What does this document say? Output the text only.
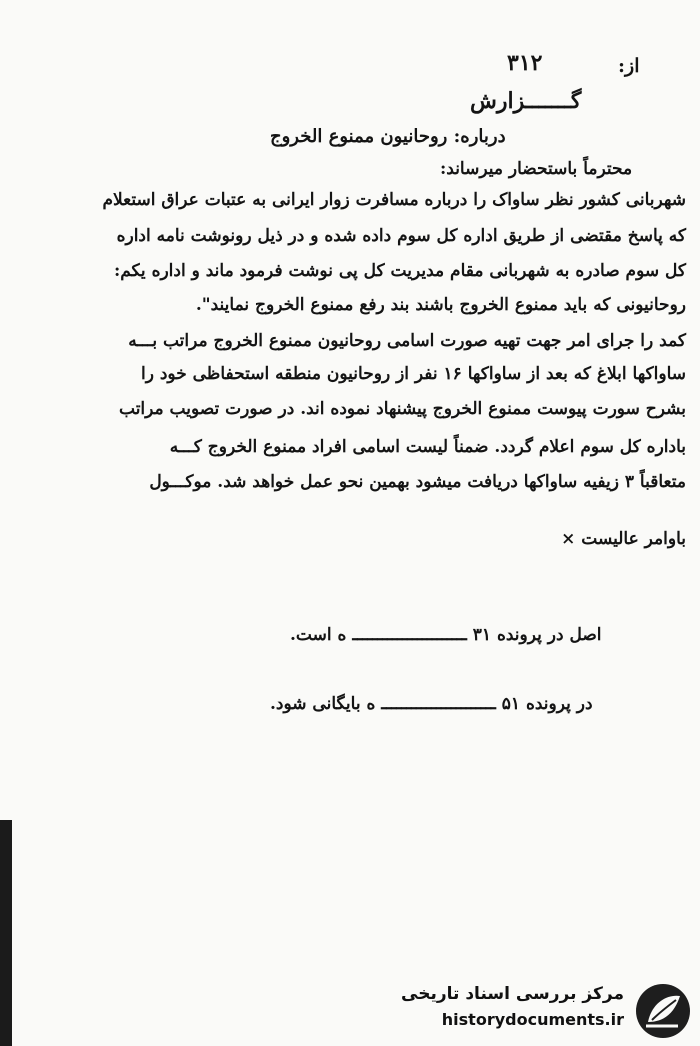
از:
۳۱۲
گـــــــزارش
درباره: روحانیون ممنوع الخروج
محترماً باستحضار میرساند:
شهربانی کشور نظر ساواک را درباره مسافرت زوار ایرانی به عتبات عراق استعلام
که پاسخ مقتضی از طریق اداره کل سوم داده شده و در ذیل رونوشت نامه اداره
کل سوم صادره به شهربانی مقام مدیریت کل پی نوشت فرمود ماند و اداره یکم:
روحانیونی که باید ممنوع الخروج باشند بند رفع ممنوع الخروج نمایند".
کمد را جرای امر جهت تهیه صورت اسامی روحانیون ممنوع الخروج مراتب بـــه
ساواکها ابلاغ که بعد از ساواکها ۱۶ نفر از روحانیون منطقه استحفاظی خود را
بشرح سورت پیوست ممنوع الخروج پیشنهاد نموده اند. در صورت تصویب مراتب
باداره کل سوم اعلام گردد. ضمناً لیست اسامی افراد ممنوع الخروج کـــه
متعاقباً ۳ زیفیه ساواکها دریافت میشود بهمین نحو عمل خواهد شد. موکـــول
باوامر عالیست ×
اصل در پرونده ۳۱ ـــــــــــــــــــــــ ه است.
در پرونده ۵۱ ـــــــــــــــــــــــ ه بایگانی شود.
مرکز بررسی اسناد تاریخی
historydocuments.ir
